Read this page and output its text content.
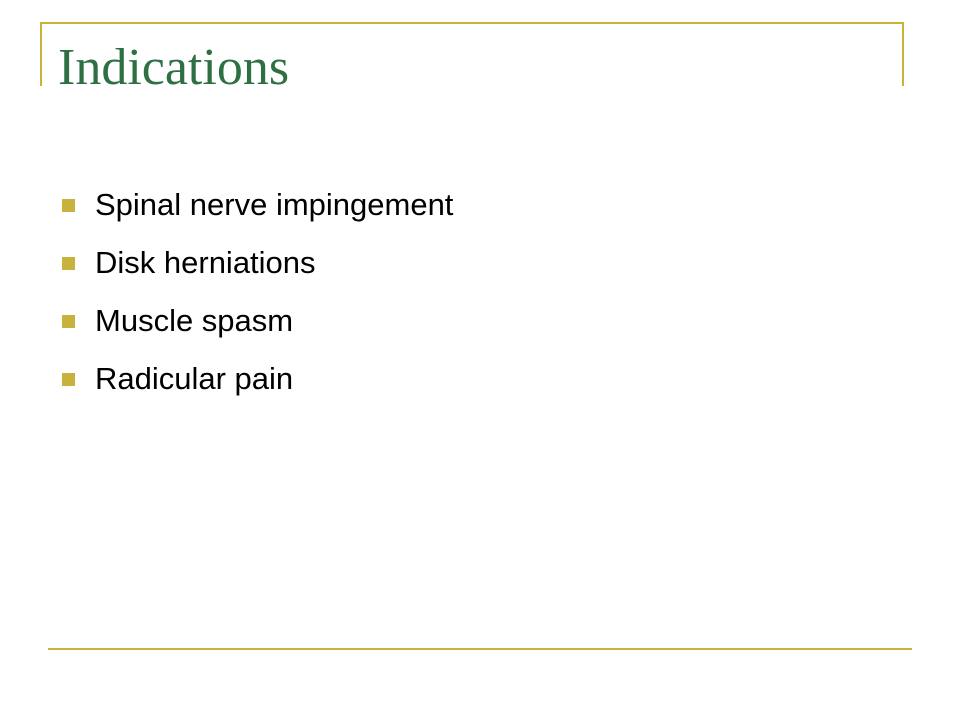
Indications
Spinal nerve impingement
Disk herniations
Muscle spasm
Radicular pain
